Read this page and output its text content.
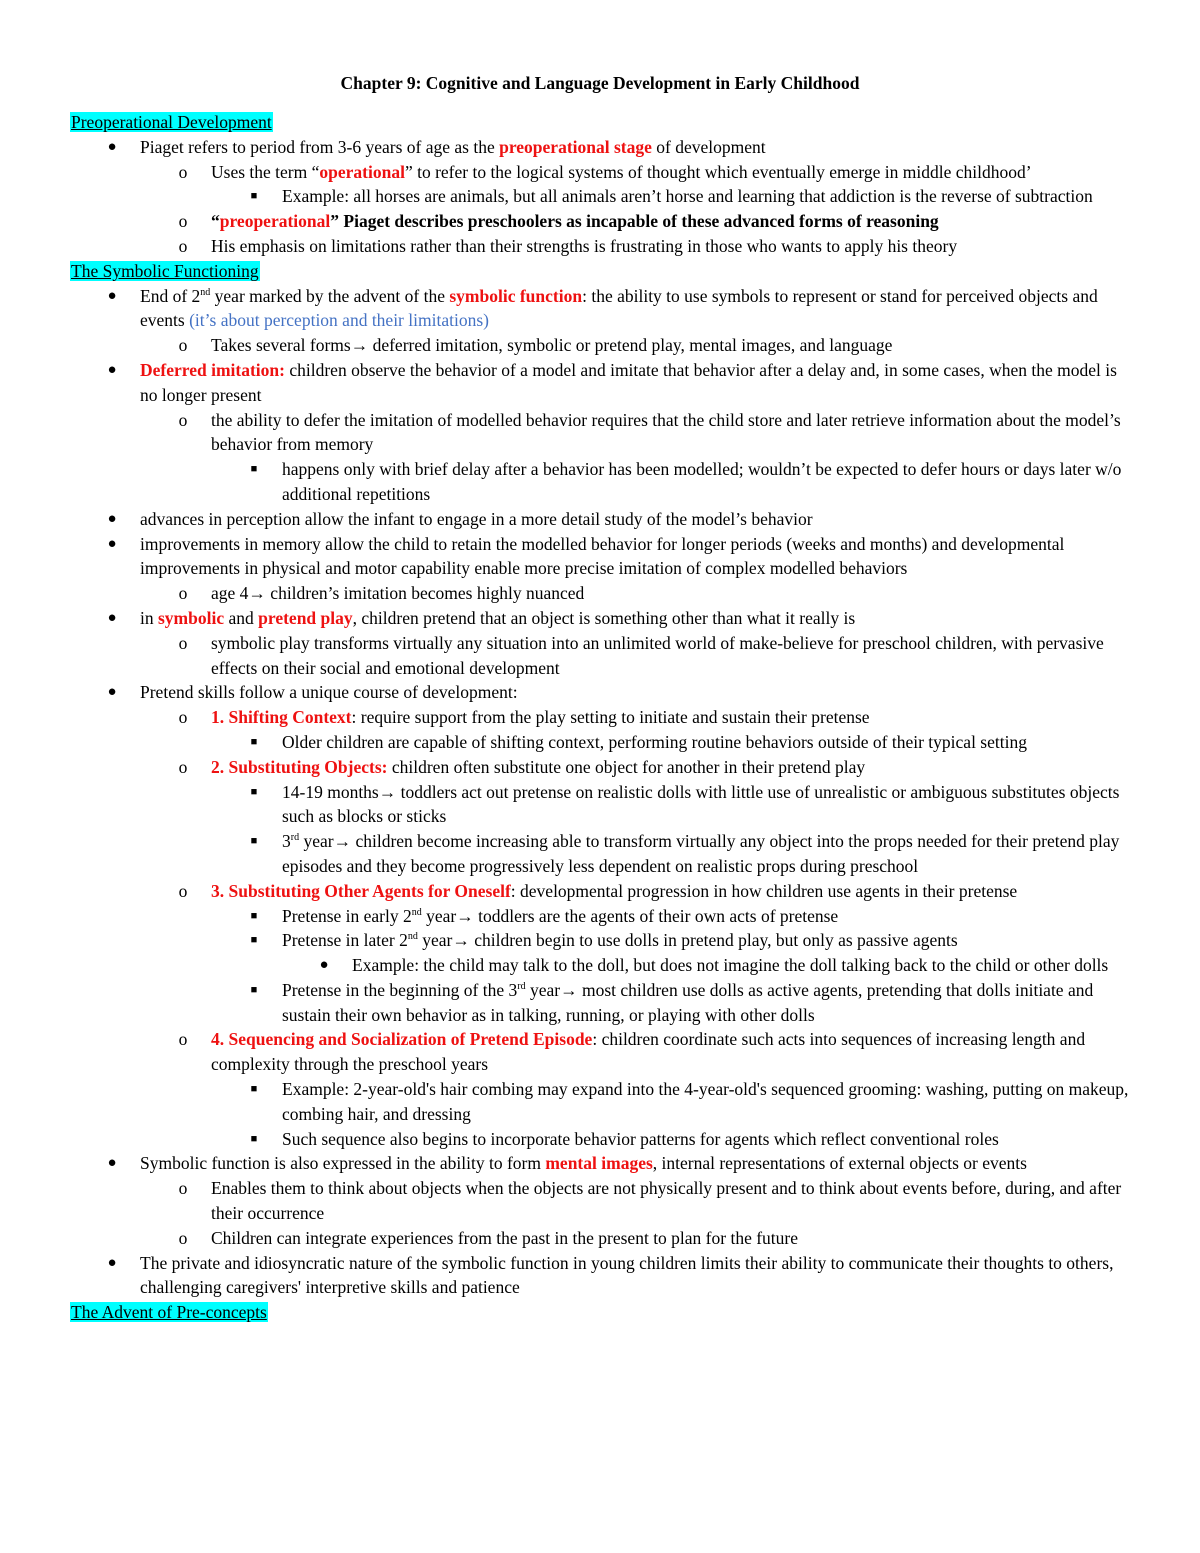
Chapter 9: Cognitive and Language Development in Early Childhood
Preoperational Development
●	Piaget refers to period from 3-6 years of age as the preoperational stage of development
o	Uses the term “operational” to refer to the logical systems of thought which eventually emerge in middle childhood’
■	Example: all horses are animals, but all animals aren’t horse and learning that addiction is the reverse of subtraction
o	“preoperational” Piaget describes preschoolers as incapable of these advanced forms of reasoning
o	His emphasis on limitations rather than their strengths is frustrating in those who wants to apply his theory
The Symbolic Functioning
●	End of 2nd year marked by the advent of the symbolic function: the ability to use symbols to represent or stand for perceived objects and events (it’s about perception and their limitations)
o	Takes several forms→ deferred imitation, symbolic or pretend play, mental images, and language
●	Deferred imitation: children observe the behavior of a model and imitate that behavior after a delay and, in some cases, when the model is no longer present
o	the ability to defer the imitation of modelled behavior requires that the child store and later retrieve information about the model’s behavior from memory
■	happens only with brief delay after a behavior has been modelled; wouldn’t be expected to defer hours or days later w/o additional repetitions
●	advances in perception allow the infant to engage in a more detail study of the model’s behavior
●	improvements in memory allow the child to retain the modelled behavior for longer periods (weeks and months) and developmental improvements in physical and motor capability enable more precise imitation of complex modelled behaviors
o	age 4→ children’s imitation becomes highly nuanced
●	in symbolic and pretend play, children pretend that an object is something other than what it really is
o	symbolic play transforms virtually any situation into an unlimited world of make-believe for preschool children, with pervasive effects on their social and emotional development
●	Pretend skills follow a unique course of development:
o	1. Shifting Context: require support from the play setting to initiate and sustain their pretense
■	Older children are capable of shifting context, performing routine behaviors outside of their typical setting
o	2. Substituting Objects: children often substitute one object for another in their pretend play
■	14-19 months→ toddlers act out pretense on realistic dolls with little use of unrealistic or ambiguous substitutes objects such as blocks or sticks
■	3rd year→ children become increasing able to transform virtually any object into the props needed for their pretend play episodes and they become progressively less dependent on realistic props during preschool
o	3. Substituting Other Agents for Oneself: developmental progression in how children use agents in their pretense
■	Pretense in early 2nd year→ toddlers are the agents of their own acts of pretense
■	Pretense in later 2nd year→ children begin to use dolls in pretend play, but only as passive agents
●	Example: the child may talk to the doll, but does not imagine the doll talking back to the child or other dolls
■	Pretense in the beginning of the 3rd year→ most children use dolls as active agents, pretending that dolls initiate and sustain their own behavior as in talking, running, or playing with other dolls
o	4. Sequencing and Socialization of Pretend Episode: children coordinate such acts into sequences of increasing length and complexity through the preschool years
■	Example: 2-year-old's hair combing may expand into the 4-year-old's sequenced grooming: washing, putting on makeup, combing hair, and dressing
■	Such sequence also begins to incorporate behavior patterns for agents which reflect conventional roles
●	Symbolic function is also expressed in the ability to form mental images, internal representations of external objects or events
o	Enables them to think about objects when the objects are not physically present and to think about events before, during, and after their occurrence
o	Children can integrate experiences from the past in the present to plan for the future
●	The private and idiosyncratic nature of the symbolic function in young children limits their ability to communicate their thoughts to others, challenging caregivers' interpretive skills and patience
The Advent of Pre-concepts
